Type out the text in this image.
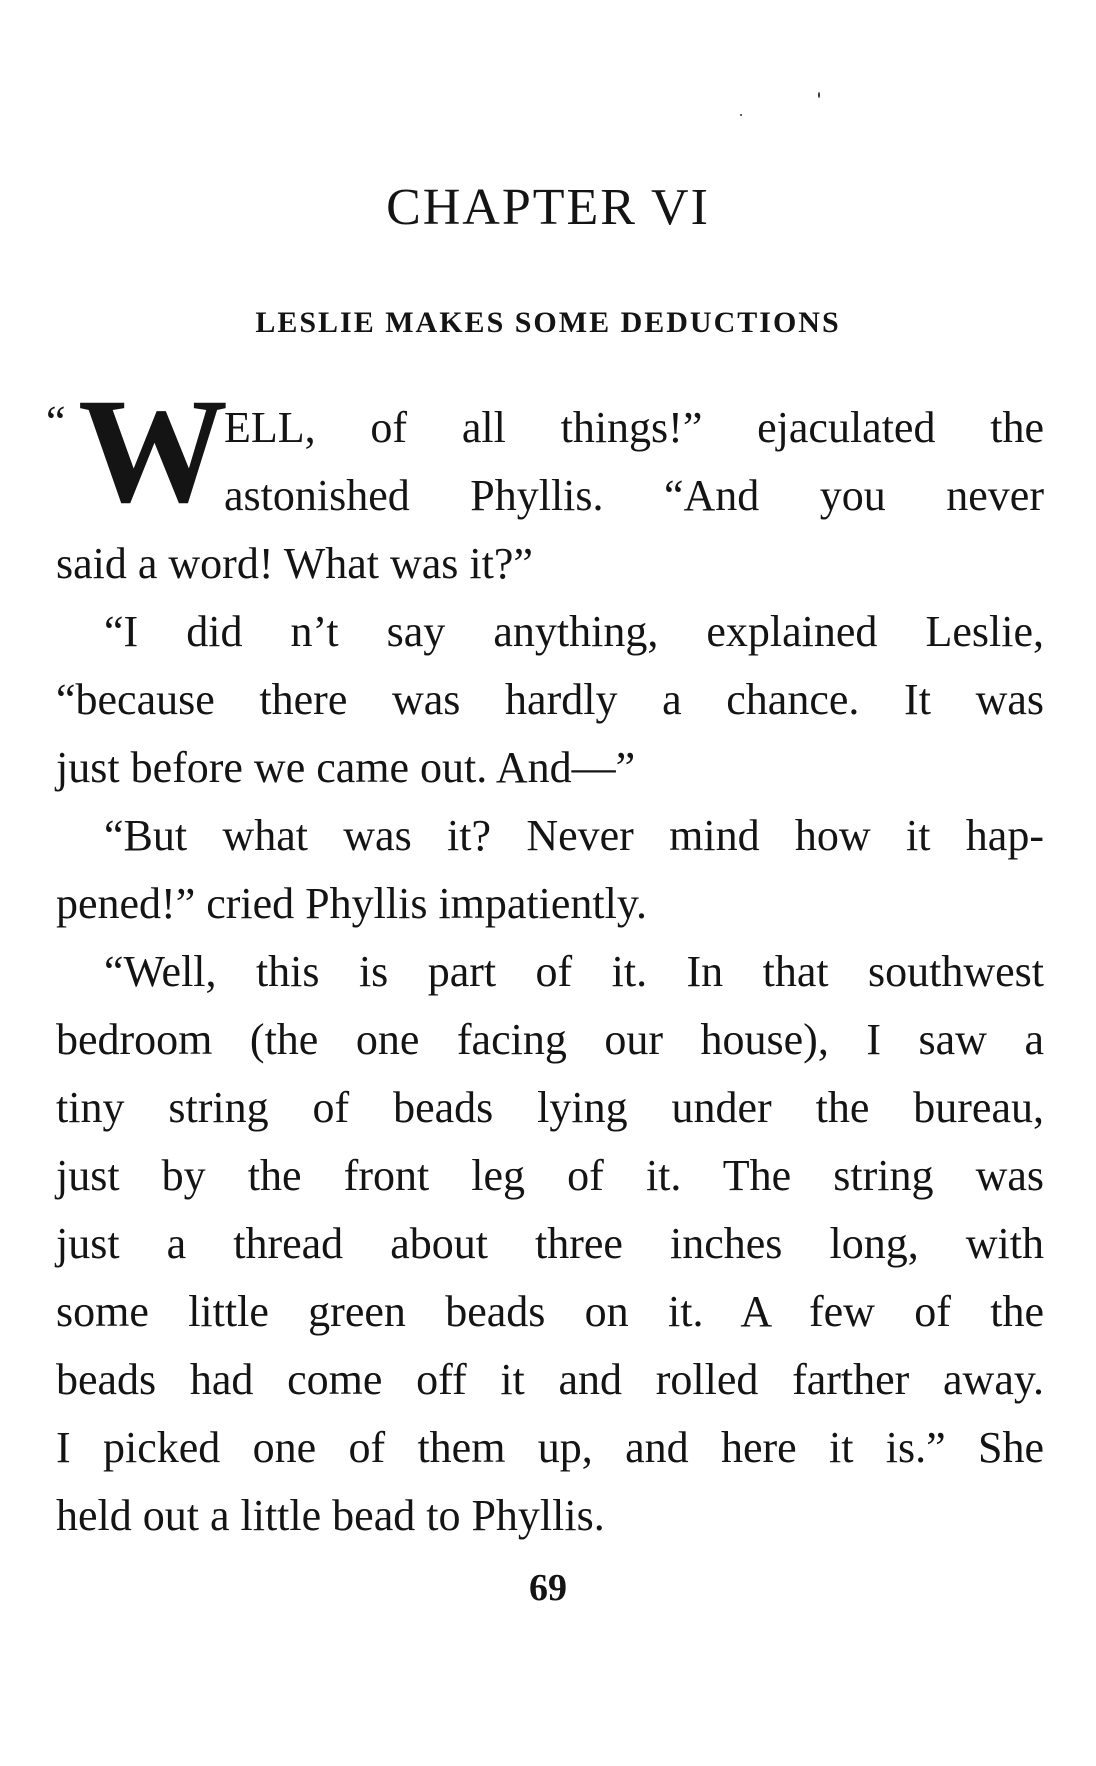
CHAPTER VI
LESLIE MAKES SOME DEDUCTIONS
“ W
ELL, of all things!” ejaculated the
astonished Phyllis. “And you never
said a word! What was it?”
“I did n’t say anything, explained Leslie,
“because there was hardly a chance. It was
just before we came out. And—”
“But what was it? Never mind how it hap-
pened!” cried Phyllis impatiently.
“Well, this is part of it. In that southwest
bedroom (the one facing our house), I saw a
tiny string of beads lying under the bureau,
just by the front leg of it. The string was
just a thread about three inches long, with
some little green beads on it. A few of the
beads had come off it and rolled farther away.
I picked one of them up, and here it is.” She
held out a little bead to Phyllis.
69
